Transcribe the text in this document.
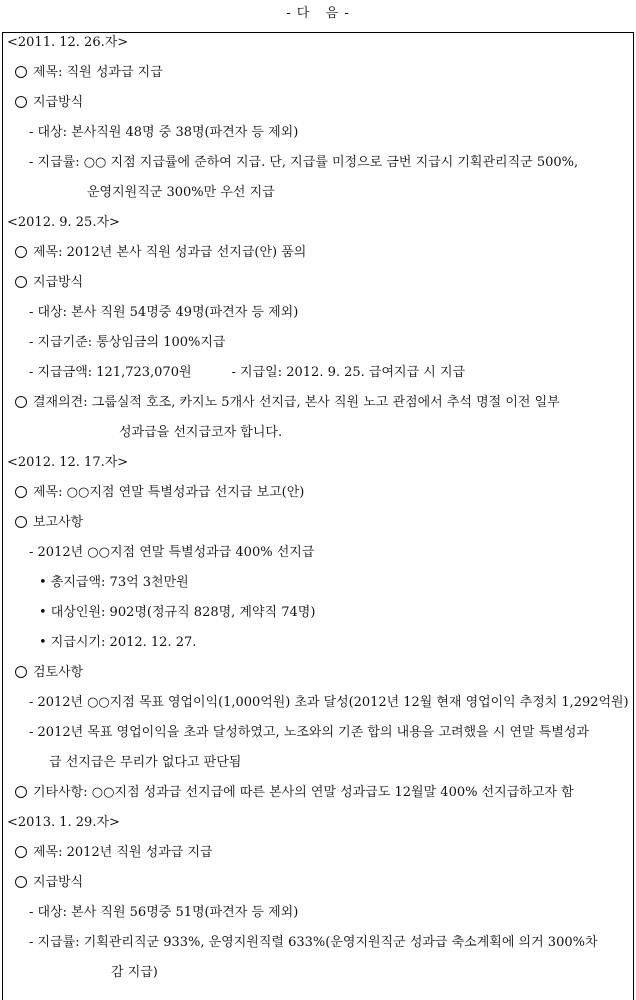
- 다   음 -
<2011. 12. 26.자>
제목: 직원 성과급 지급
지급방식
- 대상: 본사직원 48명 중 38명(파견자 등 제외)
- 지급률: ○○ 지점 지급률에 준하여 지급. 단, 지급률 미정으로 금번 지급시 기획관리직군 500%,
운영지원직군 300%만 우선 지급
<2012. 9. 25.자>
제목: 2012년 본사 직원 성과급 선지급(안) 품의
지급방식
- 대상: 본사 직원 54명중 49명(파견자 등 제외)
- 지급기준: 통상임금의 100%지급
- 지급금액: 121,723,070원	- 지급일: 2012. 9. 25. 급여지급 시 지급
결재의견: 그룹실적 호조, 카지노 5개사 선지급, 본사 직원 노고 관점에서 추석 명절 이전 일부
성과급을 선지급코자 합니다.
<2012. 12. 17.자>
제목: ○○지점 연말 특별성과급 선지급 보고(안)
보고사항
- 2012년 ○○지점 연말 특별성과급 400% 선지급
• 총지급액: 73억 3천만원
• 대상인원: 902명(정규직 828명, 계약직 74명)
• 지급시기: 2012. 12. 27.
검토사항
- 2012년 ○○지점 목표 영업이익(1,000억원) 초과 달성(2012년 12월 현재 영업이익 추정치 1,292억원)
- 2012년 목표 영업이익을 초과 달성하였고, 노조와의 기존 합의 내용을 고려했을 시 연말 특별성과
급 선지급은 무리가 없다고 판단됨
기타사항: ○○지점 성과급 선지급에 따른 본사의 연말 성과급도 12월말 400% 선지급하고자 함
<2013. 1. 29.자>
제목: 2012년 직원 성과급 지급
지급방식
- 대상: 본사 직원 56명중 51명(파견자 등 제외)
- 지급률: 기획관리직군 933%, 운영지원직렬 633%(운영지원직군 성과급 축소계획에 의거 300%차
감 지급)
